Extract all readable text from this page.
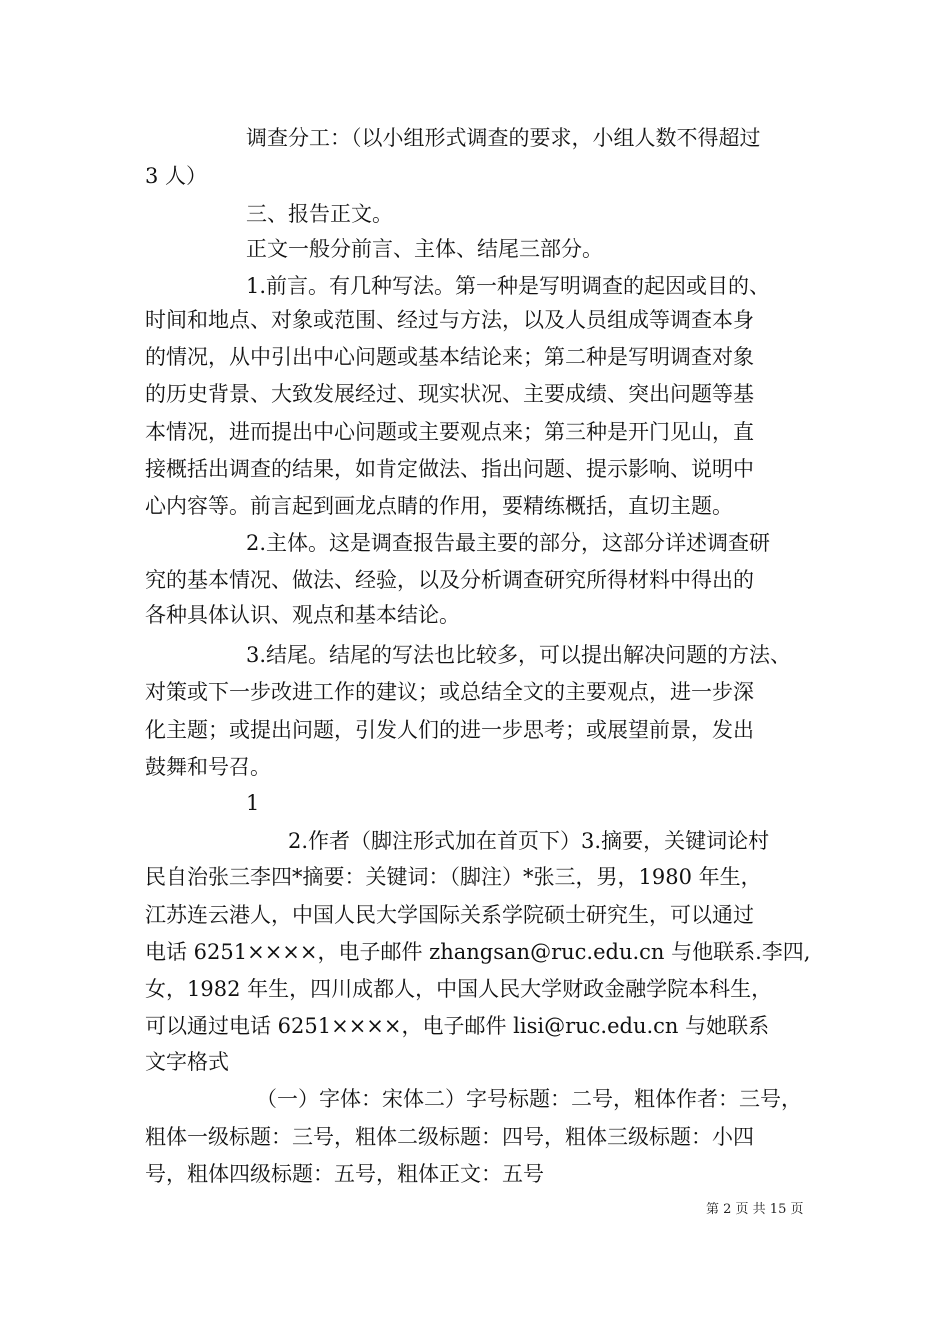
调查分工：（以小组形式调查的要求，小组人数不得超过
3 人）
三、报告正文。
正文一般分前言、主体、结尾三部分。
1.前言。有几种写法。第一种是写明调查的起因或目的、
时间和地点、对象或范围、经过与方法，以及人员组成等调查本身
的情况，从中引出中心问题或基本结论来；第二种是写明调查对象
的历史背景、大致发展经过、现实状况、主要成绩、突出问题等基
本情况，进而提出中心问题或主要观点来；第三种是开门见山，直
接概括出调查的结果，如肯定做法、指出问题、提示影响、说明中
心内容等。前言起到画龙点睛的作用，要精练概括，直切主题。
2.主体。这是调查报告最主要的部分，这部分详述调查研
究的基本情况、做法、经验，以及分析调查研究所得材料中得出的
各种具体认识、观点和基本结论。
3.结尾。结尾的写法也比较多，可以提出解决问题的方法、
对策或下一步改进工作的建议；或总结全文的主要观点，进一步深
化主题；或提出问题，引发人们的进一步思考；或展望前景，发出
鼓舞和号召。
1
2.作者（脚注形式加在首页下）3.摘要，关键词论村
民自治张三李四*摘要：关键词：（脚注）*张三，男，1980 年生，
江苏连云港人，中国人民大学国际关系学院硕士研究生，可以通过
电话 6251××××，电子邮件 zhangsan@ruc.edu.cn 与他联系.李四,
女，1982 年生，四川成都人，中国人民大学财政金融学院本科生，
可以通过电话 6251××××，电子邮件 lisi@ruc.edu.cn 与她联系
文字格式
（一）字体：宋体二）字号标题：二号，粗体作者：三号，
粗体一级标题：三号，粗体二级标题：四号，粗体三级标题：小四
号，粗体四级标题：五号，粗体正文：五号
第 2 页 共 15 页
